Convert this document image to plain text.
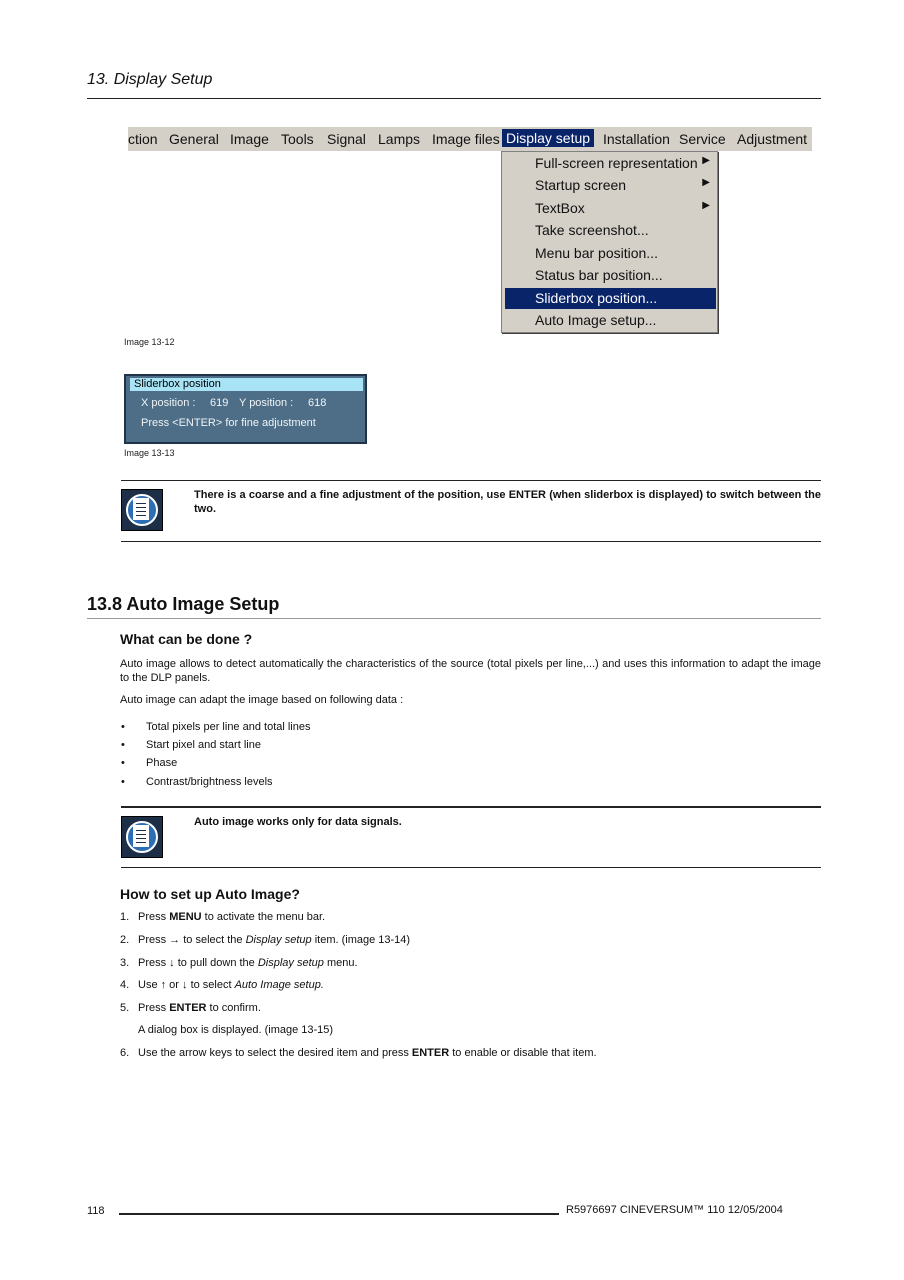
13. Display Setup
ction General Image Tools Signal Lamps Image files Display setup Installation Service Adjustment
Full-screen representation ▶
Startup screen	▶
TextBox	▶
Take screenshot...
Menu bar position...
Status bar position...
Sliderbox position...
Auto Image setup...
Image 13-12
Sliderbox position
X position : 619 Y position : 618
Press <ENTER> for fine adjustment
Image 13-13
There is a coarse and a fine adjustment of the position, use ENTER (when sliderbox is displayed) to switch between the two.
13.8 Auto Image Setup
What can be done ?
Auto image allows to detect automatically the characteristics of the source (total pixels per line,...) and uses this information to adapt the image to the DLP panels.
Auto image can adapt the image based on following data :
• Total pixels per line and total lines
• Start pixel and start line
• Phase
• Contrast/brightness levels
Auto image works only for data signals.
How to set up Auto Image?
1. Press MENU to activate the menu bar.
2. Press → to select the Display setup item. (image 13-14)
3. Press ↓ to pull down the Display setup menu.
4. Use ↑ or ↓ to select Auto Image setup.
5. Press ENTER to confirm.
A dialog box is displayed. (image 13-15)
6. Use the arrow keys to select the desired item and press ENTER to enable or disable that item.
118	R5976697 CINEVERSUM™ 110 12/05/2004
